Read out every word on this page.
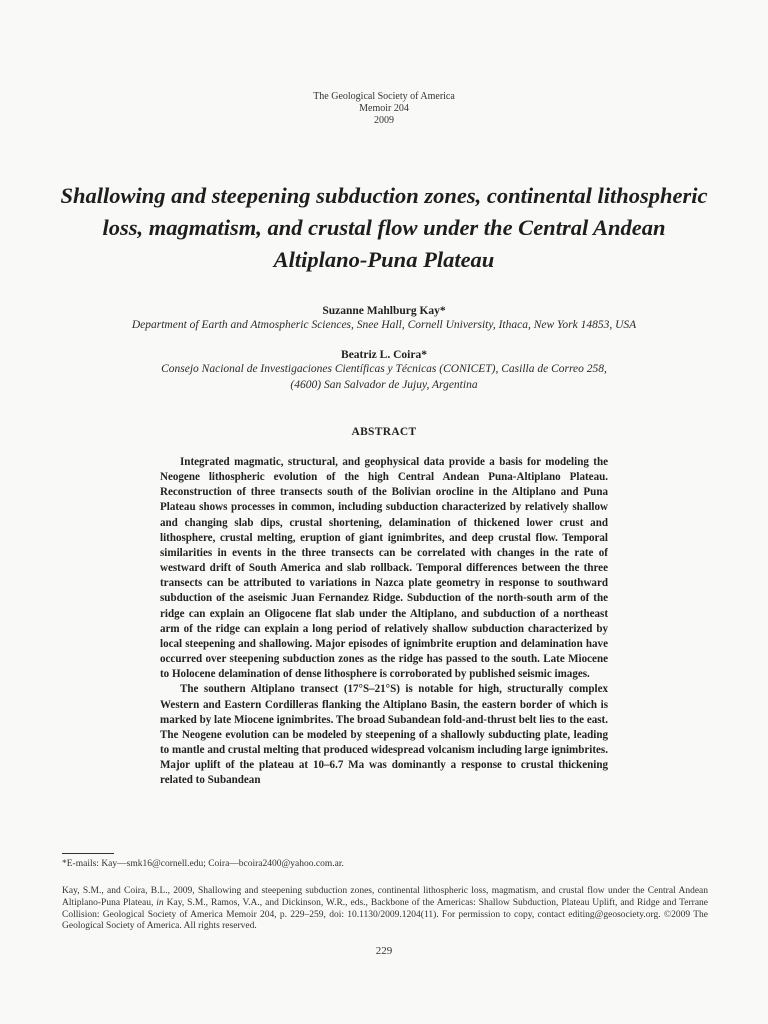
The Geological Society of America
Memoir 204
2009
Shallowing and steepening subduction zones, continental lithospheric loss, magmatism, and crustal flow under the Central Andean Altiplano-Puna Plateau
Suzanne Mahlburg Kay*
Department of Earth and Atmospheric Sciences, Snee Hall, Cornell University, Ithaca, New York 14853, USA
Beatriz L. Coira*
Consejo Nacional de Investigaciones Científicas y Técnicas (CONICET), Casilla de Correo 258,
(4600) San Salvador de Jujuy, Argentina
ABSTRACT

Integrated magmatic, structural, and geophysical data provide a basis for modeling the Neogene lithospheric evolution of the high Central Andean Puna-Altiplano Plateau. Reconstruction of three transects south of the Bolivian orocline in the Altiplano and Puna Plateau shows processes in common, including subduction characterized by relatively shallow and changing slab dips, crustal shortening, delamination of thickened lower crust and lithosphere, crustal melting, eruption of giant ignimbrites, and deep crustal flow. Temporal similarities in events in the three transects can be correlated with changes in the rate of westward drift of South America and slab rollback. Temporal differences between the three transects can be attributed to variations in Nazca plate geometry in response to southward subduction of the aseismic Juan Fernandez Ridge. Subduction of the north-south arm of the ridge can explain an Oligocene flat slab under the Altiplano, and subduction of a northeast arm of the ridge can explain a long period of relatively shallow subduction characterized by local steepening and shallowing. Major episodes of ignimbrite eruption and delamination have occurred over steepening subduction zones as the ridge has passed to the south. Late Miocene to Holocene delamination of dense lithosphere is corroborated by published seismic images.

The southern Altiplano transect (17°S–21°S) is notable for high, structurally complex Western and Eastern Cordilleras flanking the Altiplano Basin, the eastern border of which is marked by late Miocene ignimbrites. The broad Subandean fold-and-thrust belt lies to the east. The Neogene evolution can be modeled by steepening of a shallowly subducting plate, leading to mantle and crustal melting that produced widespread volcanism including large ignimbrites. Major uplift of the plateau at 10–6.7 Ma was dominantly a response to crustal thickening related to Subandean

*E-mails: Kay—smk16@cornell.edu; Coira—bcoira2400@yahoo.com.ar.
Kay, S.M., and Coira, B.L., 2009, Shallowing and steepening subduction zones, continental lithospheric loss, magmatism, and crustal flow under the Central Andean Altiplano-Puna Plateau, in Kay, S.M., Ramos, V.A., and Dickinson, W.R., eds., Backbone of the Americas: Shallow Subduction, Plateau Uplift, and Ridge and Terrane Collision: Geological Society of America Memoir 204, p. 229–259, doi: 10.1130/2009.1204(11). For permission to copy, contact editing@geosociety.org. ©2009 The Geological Society of America. All rights reserved.
229
